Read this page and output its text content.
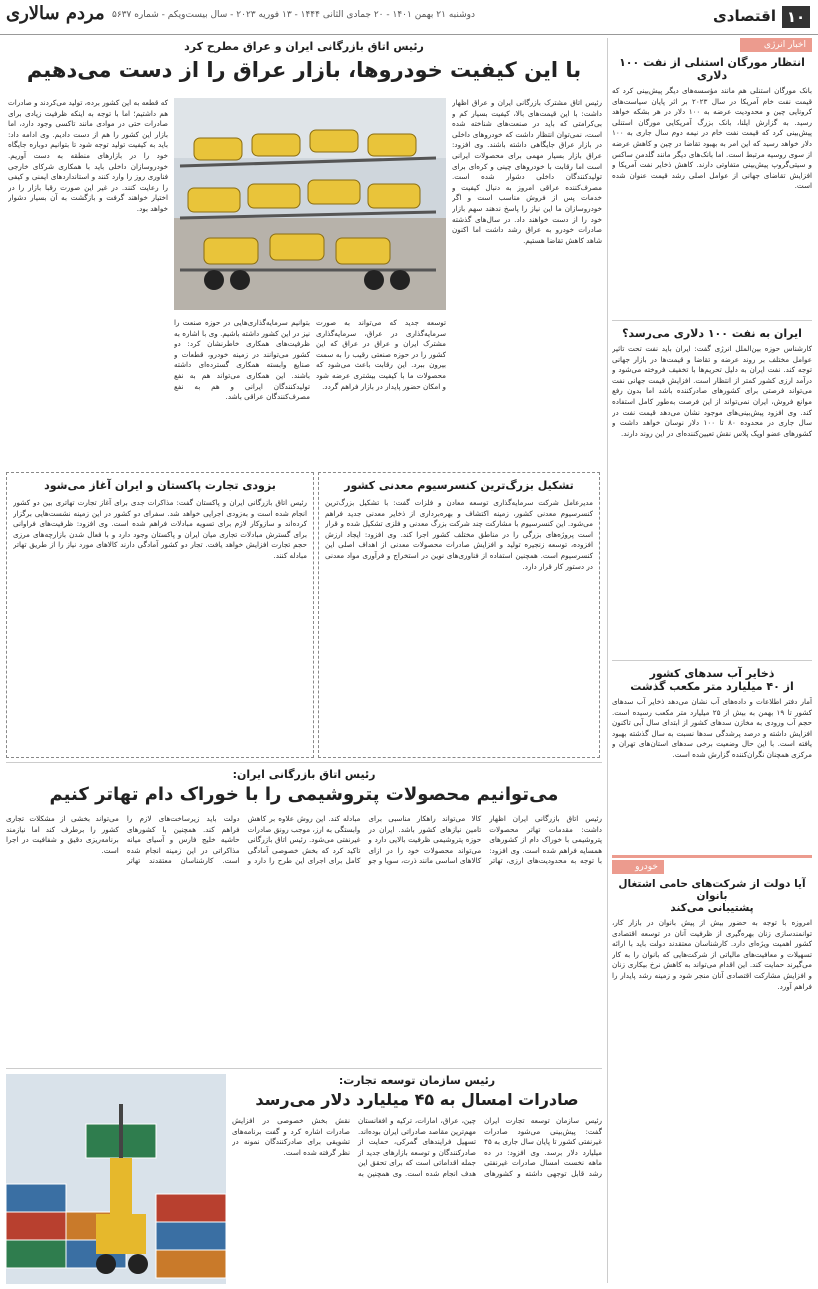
۱۰
اقتصادی
دوشنبه ۲۱ بهمن ۱۴۰۱ - ۲۰ جمادی الثانی ۱۴۴۴ - ۱۳ فوریه ۲۰۲۳ - سال بیست‌ویکم - شماره ۵۶۳۷
مردم سالاری
اخبار انرژی
انتظار مورگان استنلی از نفت ۱۰۰ دلاری
بانک مورگان استنلی هم مانند مؤسسه‌های دیگر پیش‌بینی کرد که قیمت نفت خام آمریکا در سال ۲۰۲۳ بر اثر پایان سیاست‌های کرونایی چین و محدودیت عرضه به ۱۰۰ دلار در هر بشکه خواهد رسید. به گزارش ایلنا، بانک بزرگ آمریکایی مورگان استنلی پیش‌بینی کرد که قیمت نفت خام در نیمه دوم سال جاری به ۱۰۰ دلار خواهد رسید که این امر به بهبود تقاضا در چین و کاهش عرضه از سوی روسیه مرتبط است. اما بانک‌های دیگر مانند گلدمن ساکس و سیتی‌گروپ پیش‌بینی متفاوتی دارند. کاهش ذخایر نفت آمریکا و افزایش تقاضای جهانی از عوامل اصلی رشد قیمت عنوان شده است.
ایران به نفت ۱۰۰ دلاری می‌رسد؟
کارشناس حوزه بین‌الملل انرژی گفت: ایران باید نفت تحت تاثیر عوامل مختلف بر روند عرضه و تقاضا و قیمت‌ها در بازار جهانی توجه کند. نفت ایران به دلیل تحریم‌ها با تخفیف فروخته می‌شود و درآمد ارزی کشور کمتر از انتظار است. افزایش قیمت جهانی نفت می‌تواند فرصتی برای کشورهای صادرکننده باشد اما بدون رفع موانع فروش، ایران نمی‌تواند از این فرصت به‌طور کامل استفاده کند. وی افزود پیش‌بینی‌های موجود نشان می‌دهد قیمت نفت در سال جاری در محدوده ۸۰ تا ۱۰۰ دلار نوسان خواهد داشت و کشورهای عضو اوپک پلاس نقش تعیین‌کننده‌ای در این روند دارند.
ذخایر آب سدهای کشور
از ۴۰ میلیارد متر مکعب گذشت
آمار دفتر اطلاعات و داده‌های آب نشان می‌دهد ذخایر آب سدهای کشور تا ۱۹ بهمن به بیش از ۲۵ میلیارد متر مکعب رسیده است. حجم آب ورودی به مخازن سدهای کشور از ابتدای سال آبی تاکنون افزایش داشته و درصد پرشدگی سدها نسبت به سال گذشته بهبود یافته است. با این حال وضعیت برخی سدهای استان‌های تهران و مرکزی همچنان نگران‌کننده گزارش شده است.
خودرو
آیا دولت از شرکت‌های حامی اشتغال بانوان
پشتیبانی می‌کند
امروزه با توجه به حضور بیش از پیش بانوان در بازار کار، توانمندسازی زنان بهره‌گیری از ظرفیت آنان در توسعه اقتصادی کشور اهمیت ویژه‌ای دارد. کارشناسان معتقدند دولت باید با ارائه تسهیلات و معافیت‌های مالیاتی از شرکت‌هایی که بانوان را به کار می‌گیرند حمایت کند. این اقدام می‌تواند به کاهش نرخ بیکاری زنان و افزایش مشارکت اقتصادی آنان منجر شود و زمینه رشد پایدار را فراهم آورد.
رئیس اتاق بازرگانی ایران و عراق مطرح کرد
با این کیفیت خودروها، بازار عراق را از دست می‌دهیم
رئیس اتاق مشترک بازرگانی ایران و عراق اظهار داشت: با این قیمت‌های بالا، کیفیت بسیار کم و بی‌کرامتی که باید در صنعت‌های شناخته شده است، نمی‌توان انتظار داشت که خودروهای داخلی در بازار عراق جایگاهی داشته باشند. وی افزود: عراق بازار بسیار مهمی برای محصولات ایرانی است اما رقابت با خودروهای چینی و کره‌ای برای تولیدکنندگان داخلی دشوار شده است. مصرف‌کننده عراقی امروز به دنبال کیفیت و خدمات پس از فروش مناسب است و اگر خودروسازان ما این نیاز را پاسخ ندهند سهم بازار خود را از دست خواهند داد. در سال‌های گذشته صادرات خودرو به عراق رشد داشت اما اکنون شاهد کاهش تقاضا هستیم.
که قطعه به این کشور برده، تولید می‌کردند و صادرات هم داشتیم؛ اما با توجه به اینکه ظرفیت زیادی برای صادرات حتی در موادی مانند تاکسی وجود دارد، اما بازار این کشور را هم از دست دادیم. وی ادامه داد: باید به کیفیت تولید توجه شود تا بتوانیم دوباره جایگاه خود را در بازارهای منطقه به دست آوریم. خودروسازان داخلی باید با همکاری شرکای خارجی فناوری روز را وارد کنند و استانداردهای ایمنی و کیفی را رعایت کنند. در غیر این صورت رقبا بازار را در اختیار خواهند گرفت و بازگشت به آن بسیار دشوار خواهد بود.
توسعه جدید که می‌تواند به صورت سرمایه‌گذاری در عراق، سرمایه‌گذاری مشترک ایران و عراق در عراق که این کشور را در حوزه صنعتی رقیب را به سمت بیرون ببرد. این رقابت باعث می‌شود که محصولات ما با کیفیت بیشتری عرضه شود و امکان حضور پایدار در بازار فراهم گردد.
بتوانیم سرمایه‌گذاری‌هایی در حوزه صنعت را نیز در این کشور داشته باشیم. وی با اشاره به ظرفیت‌های همکاری خاطرنشان کرد: دو کشور می‌توانند در زمینه خودرو، قطعات و صنایع وابسته همکاری گسترده‌ای داشته باشند. این همکاری می‌تواند هم به نفع تولیدکنندگان ایرانی و هم به نفع مصرف‌کنندگان عراقی باشد.
تشکیل بزرگ‌ترین کنسرسیوم معدنی کشور
مدیرعامل شرکت سرمایه‌گذاری توسعه معادن و فلزات گفت: با تشکیل بزرگ‌ترین کنسرسیوم معدنی کشور، زمینه اکتشاف و بهره‌برداری از ذخایر معدنی جدید فراهم می‌شود. این کنسرسیوم با مشارکت چند شرکت بزرگ معدنی و فلزی تشکیل شده و قرار است پروژه‌های بزرگی را در مناطق مختلف کشور اجرا کند. وی افزود: ایجاد ارزش افزوده، توسعه زنجیره تولید و افزایش صادرات محصولات معدنی از اهداف اصلی این کنسرسیوم است. همچنین استفاده از فناوری‌های نوین در استخراج و فرآوری مواد معدنی در دستور کار قرار دارد.
بزودی تجارت پاکستان و ایران آغاز می‌شود
رئیس اتاق بازرگانی ایران و پاکستان گفت: مذاکرات جدی برای آغاز تجارت تهاتری بین دو کشور انجام شده است و به‌زودی اجرایی خواهد شد. سفرای دو کشور در این زمینه نشست‌هایی برگزار کرده‌اند و سازوکار لازم برای تسویه مبادلات فراهم شده است. وی افزود: ظرفیت‌های فراوانی برای گسترش مبادلات تجاری میان ایران و پاکستان وجود دارد و با فعال شدن بازارچه‌های مرزی حجم تجارت افزایش خواهد یافت. تجار دو کشور آمادگی دارند کالاهای مورد نیاز را از طریق تهاتر مبادله کنند.
رئیس اتاق بازرگانی ایران:
می‌توانیم محصولات پتروشیمی را با خوراک دام تهاتر کنیم
رئیس اتاق بازرگانی ایران اظهار داشت: مقدمات تهاتر محصولات پتروشیمی با خوراک دام از کشورهای همسایه فراهم شده است. وی افزود: با توجه به محدودیت‌های ارزی، تهاتر کالا می‌تواند راهکار مناسبی برای تامین نیازهای کشور باشد. ایران در حوزه پتروشیمی ظرفیت بالایی دارد و می‌تواند محصولات خود را در ازای کالاهای اساسی مانند ذرت، سویا و جو مبادله کند. این روش علاوه بر کاهش وابستگی به ارز، موجب رونق صادرات غیرنفتی می‌شود. رئیس اتاق بازرگانی تاکید کرد که بخش خصوصی آمادگی کامل برای اجرای این طرح را دارد و دولت باید زیرساخت‌های لازم را فراهم کند. همچنین با کشورهای حاشیه خلیج فارس و آسیای میانه مذاکراتی در این زمینه انجام شده است. کارشناسان معتقدند تهاتر می‌تواند بخشی از مشکلات تجاری کشور را برطرف کند اما نیازمند برنامه‌ریزی دقیق و شفافیت در اجرا است.
رئیس سازمان توسعه تجارت:
صادرات امسال به ۴۵ میلیارد دلار می‌رسد
رئیس سازمان توسعه تجارت ایران گفت: پیش‌بینی می‌شود صادرات غیرنفتی کشور تا پایان سال جاری به ۴۵ میلیارد دلار برسد. وی افزود: در ده ماهه نخست امسال صادرات غیرنفتی رشد قابل توجهی داشته و کشورهای چین، عراق، امارات، ترکیه و افغانستان مهم‌ترین مقاصد صادراتی ایران بوده‌اند. تسهیل فرایندهای گمرکی، حمایت از صادرکنندگان و توسعه بازارهای جدید از جمله اقداماتی است که برای تحقق این هدف انجام شده است. وی همچنین به نقش بخش خصوصی در افزایش صادرات اشاره کرد و گفت برنامه‌های تشویقی برای صادرکنندگان نمونه در نظر گرفته شده است.
